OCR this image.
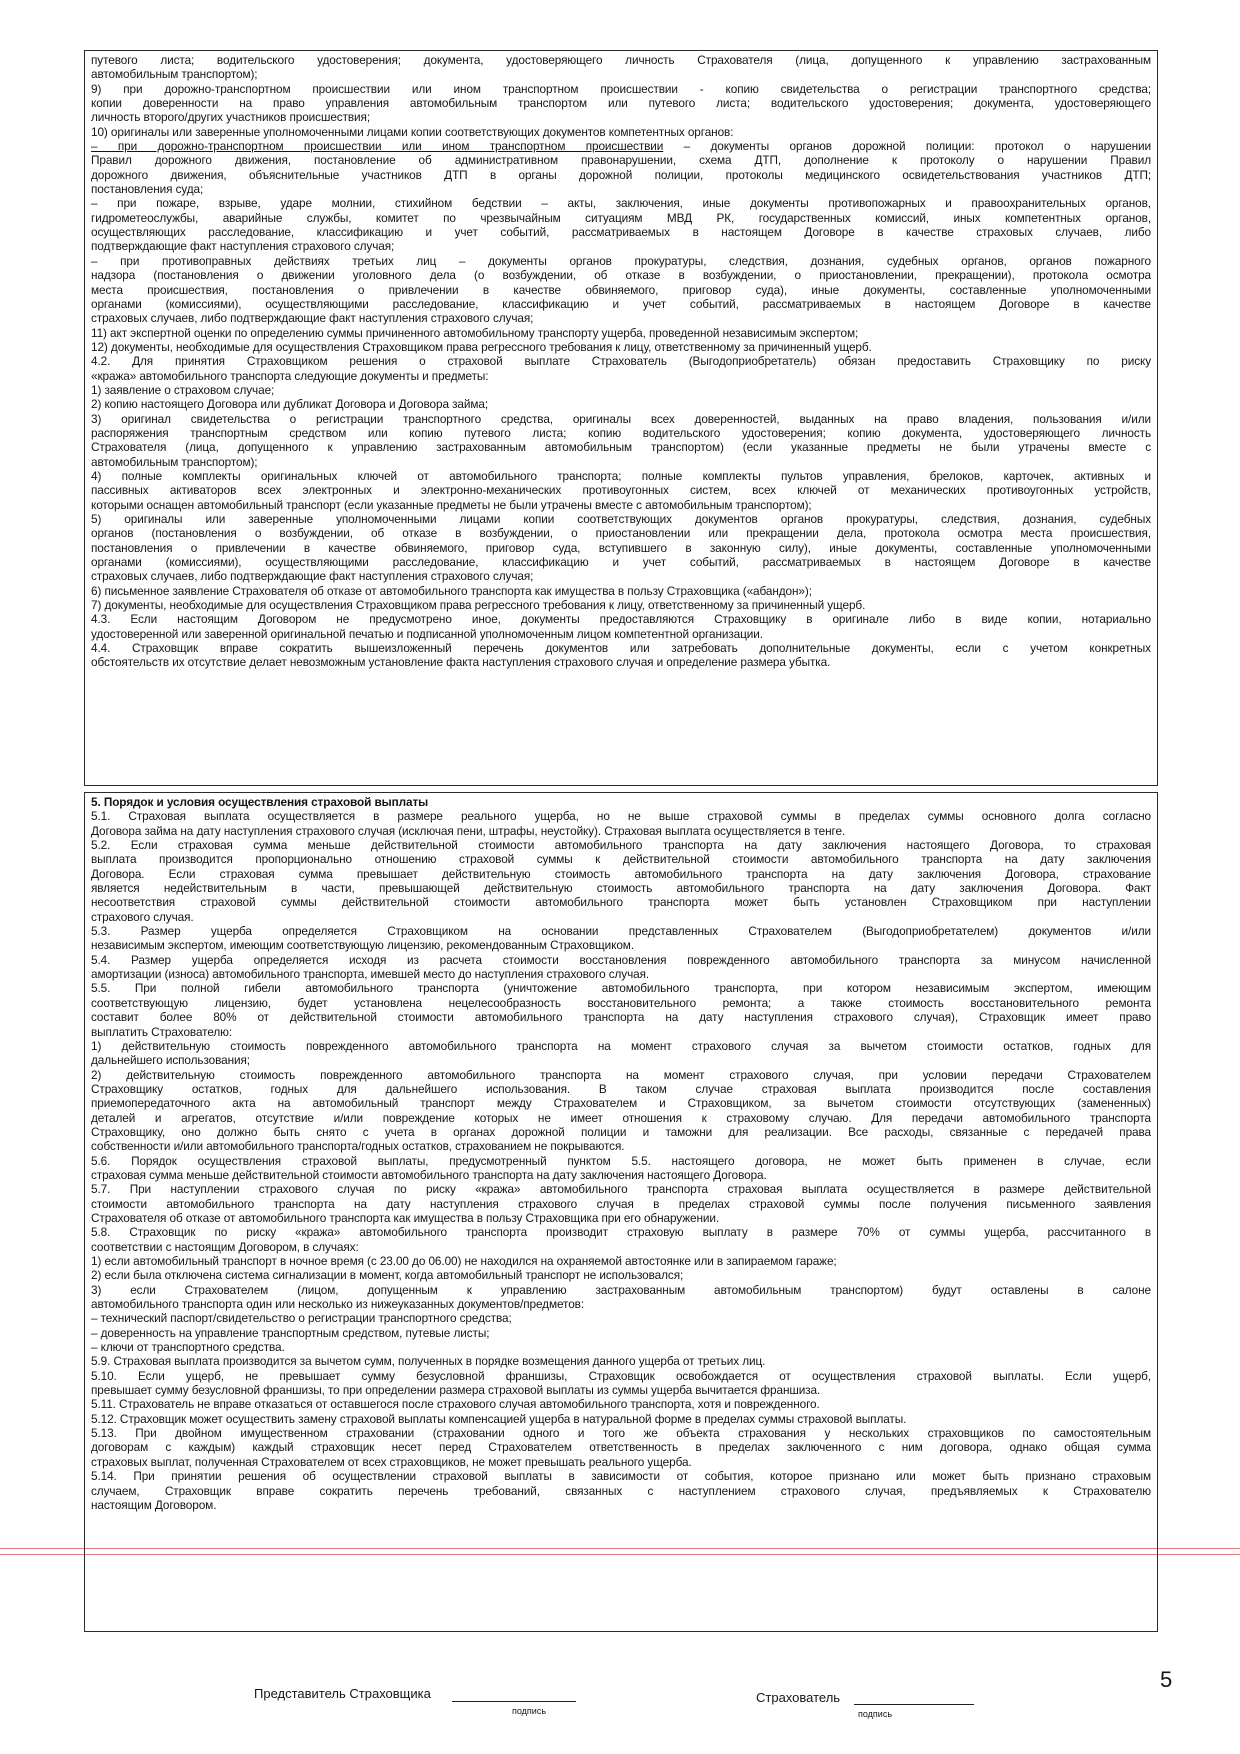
путевого листа; водительского удостоверения; документа, удостоверяющего личность Страхователя (лица, допущенного к управлению застрахованным
автомобильным транспортом);
9) при дорожно-транспортном происшествии или ином транспортном происшествии - копию свидетельства о регистрации транспортного средства;
копии доверенности на право управления автомобильным транспортом или путевого листа; водительского удостоверения; документа, удостоверяющего
личность второго/других участников происшествия;
10) оригиналы или заверенные уполномоченными лицами копии соответствующих документов компетентных органов:
– при дорожно-транспортном происшествии или ином транспортном происшествии – документы органов дорожной полиции: протокол о нарушении
Правил дорожного движения, постановление об административном правонарушении, схема ДТП, дополнение к протоколу о нарушении Правил
дорожного движения, объяснительные участников ДТП в органы дорожной полиции, протоколы медицинского освидетельствования участников ДТП;
постановления суда;
– при пожаре, взрыве, ударе молнии, стихийном бедствии – акты, заключения, иные документы противопожарных и правоохранительных органов,
гидрометеослужбы, аварийные службы, комитет по чрезвычайным ситуациям МВД РК, государственных комиссий, иных компетентных органов,
осуществляющих расследование, классификацию и учет событий, рассматриваемых в настоящем Договоре в качестве страховых случаев, либо
подтверждающие факт наступления страхового случая;
– при противоправных действиях третьих лиц – документы органов прокуратуры, следствия, дознания, судебных органов, органов пожарного
надзора (постановления о движении уголовного дела (о возбуждении, об отказе в возбуждении, о приостановлении, прекращении), протокола осмотра
места происшествия, постановления о привлечении в качестве обвиняемого, приговор суда), иные документы, составленные уполномоченными
органами (комиссиями), осуществляющими расследование, классификацию и учет событий, рассматриваемых в настоящем Договоре в качестве
страховых случаев, либо подтверждающие факт наступления страхового случая;
11) акт экспертной оценки по определению суммы причиненного автомобильному транспорту ущерба, проведенной независимым экспертом;
12) документы, необходимые для осуществления Страховщиком права регрессного требования к лицу, ответственному за причиненный ущерб.
4.2. Для принятия Страховщиком решения о страховой выплате Страхователь (Выгодоприобретатель) обязан предоставить Страховщику по риску
«кража» автомобильного транспорта следующие документы и предметы:
1) заявление о страховом случае;
2) копию настоящего Договора или дубликат Договора и Договора займа;
3) оригинал свидетельства о регистрации транспортного средства, оригиналы всех доверенностей, выданных на право владения, пользования и/или
распоряжения транспортным средством или копию путевого листа; копию водительского удостоверения; копию документа, удостоверяющего личность
Страхователя (лица, допущенного к управлению застрахованным автомобильным транспортом) (если указанные предметы не были утрачены вместе с
автомобильным транспортом);
4) полные комплекты оригинальных ключей от автомобильного транспорта; полные комплекты пультов управления, брелоков, карточек, активных и
пассивных активаторов всех электронных и электронно-механических противоугонных систем, всех ключей от механических противоугонных устройств,
которыми оснащен автомобильный транспорт (если указанные предметы не были утрачены вместе с автомобильным транспортом);
5) оригиналы или заверенные уполномоченными лицами копии соответствующих документов органов прокуратуры, следствия, дознания, судебных
органов (постановления о возбуждении, об отказе в возбуждении, о приостановлении или прекращении дела, протокола осмотра места происшествия,
постановления о привлечении в качестве обвиняемого, приговор суда, вступившего в законную силу), иные документы, составленные уполномоченными
органами (комиссиями), осуществляющими расследование, классификацию и учет событий, рассматриваемых в настоящем Договоре в качестве
страховых случаев, либо подтверждающие факт наступления страхового случая;
6) письменное заявление Страхователя об отказе от автомобильного транспорта как имущества в пользу Страховщика («абандон»);
7) документы, необходимые для осуществления Страховщиком права регрессного требования к лицу, ответственному за причиненный ущерб.
4.3. Если настоящим Договором не предусмотрено иное, документы предоставляются Страховщику в оригинале либо в виде копии, нотариально
удостоверенной или заверенной оригинальной печатью и подписанной уполномоченным лицом компетентной организации.
4.4. Страховщик вправе сократить вышеизложенный перечень документов или затребовать дополнительные документы, если с учетом конкретных
обстоятельств их отсутствие делает невозможным установление факта наступления страхового случая и определение размера убытка.
5. Порядок и условия осуществления страховой выплаты
5.1. Страховая выплата осуществляется в размере реального ущерба, но не выше страховой суммы в пределах суммы основного долга согласно
Договора займа на дату наступления страхового случая (исключая пени, штрафы, неустойку). Страховая выплата осуществляется в тенге.
5.2. Если страховая сумма меньше действительной стоимости автомобильного транспорта на дату заключения настоящего Договора, то страховая
выплата производится пропорционально отношению страховой суммы к действительной стоимости автомобильного транспорта на дату заключения
Договора. Если страховая сумма превышает действительную стоимость автомобильного транспорта на дату заключения Договора, страхование
является недействительным в части, превышающей действительную стоимость автомобильного транспорта на дату заключения Договора. Факт
несоответствия страховой суммы действительной стоимости автомобильного транспорта может быть установлен Страховщиком при наступлении
страхового случая.
5.3. Размер ущерба определяется Страховщиком на основании представленных Страхователем (Выгодоприобретателем) документов и/или
независимым экспертом, имеющим соответствующую лицензию, рекомендованным Страховщиком.
5.4. Размер ущерба определяется исходя из расчета стоимости восстановления поврежденного автомобильного транспорта за минусом начисленной
амортизации (износа) автомобильного транспорта, имевшей место до наступления страхового случая.
5.5. При полной гибели автомобильного транспорта (уничтожение автомобильного транспорта, при котором независимым экспертом, имеющим
соответствующую лицензию, будет установлена нецелесообразность восстановительного ремонта; а также стоимость восстановительного ремонта
составит более 80% от действительной стоимости автомобильного транспорта на дату наступления страхового случая), Страховщик имеет право
выплатить Страхователю:
1) действительную стоимость поврежденного автомобильного транспорта на момент страхового случая за вычетом стоимости остатков, годных для
дальнейшего использования;
2) действительную стоимость поврежденного автомобильного транспорта на момент страхового случая, при условии передачи Страхователем
Страховщику остатков, годных для дальнейшего использования. В таком случае страховая выплата производится после составления
приемопередаточного акта на автомобильный транспорт между Страхователем и Страховщиком, за вычетом стоимости отсутствующих (замененных)
деталей и агрегатов, отсутствие и/или повреждение которых не имеет отношения к страховому случаю. Для передачи автомобильного транспорта
Страховщику, оно должно быть снято с учета в органах дорожной полиции и таможни для реализации. Все расходы, связанные с передачей права
собственности и/или автомобильного транспорта/годных остатков, страхованием не покрываются.
5.6. Порядок осуществления страховой выплаты, предусмотренный пунктом 5.5. настоящего договора, не может быть применен в случае, если
страховая сумма меньше действительной стоимости автомобильного транспорта на дату заключения настоящего Договора.
5.7. При наступлении страхового случая по риску «кража» автомобильного транспорта страховая выплата осуществляется в размере действительной
стоимости автомобильного транспорта на дату наступления страхового случая в пределах страховой суммы после получения письменного заявления
Страхователя об отказе от автомобильного транспорта как имущества в пользу Страховщика при его обнаружении.
5.8. Страховщик по риску «кража» автомобильного транспорта производит страховую выплату в размере 70% от суммы ущерба, рассчитанного в
соответствии с настоящим Договором, в случаях:
1) если автомобильный транспорт в ночное время (с 23.00 до 06.00) не находился на охраняемой автостоянке или в запираемом гараже;
2) если была отключена система сигнализации в момент, когда автомобильный транспорт не использовался;
3) если Страхователем (лицом, допущенным к управлению застрахованным автомобильным транспортом) будут оставлены в салоне
автомобильного транспорта один или несколько из нижеуказанных документов/предметов:
– технический паспорт/свидетельство о регистрации транспортного средства;
– доверенность на управление транспортным средством, путевые листы;
– ключи от транспортного средства.
5.9. Страховая выплата производится за вычетом сумм, полученных в порядке возмещения данного ущерба от третьих лиц.
5.10. Если ущерб, не превышает сумму безусловной франшизы, Страховщик освобождается от осуществления страховой выплаты. Если ущерб,
превышает сумму безусловной франшизы, то при определении размера страховой выплаты из суммы ущерба вычитается франшиза.
5.11. Страхователь не вправе отказаться от оставшегося после страхового случая автомобильного транспорта, хотя и поврежденного.
5.12. Страховщик может осуществить замену страховой выплаты компенсацией ущерба в натуральной форме в пределах суммы страховой выплаты.
5.13. При двойном имущественном страховании (страховании одного и того же объекта страхования у нескольких страховщиков по самостоятельным
договорам с каждым) каждый страховщик несет перед Страхователем ответственность в пределах заключенного с ним договора, однако общая сумма
страховых выплат, полученная Страхователем от всех страховщиков, не может превышать реального ущерба.
5.14. При принятии решения об осуществлении страховой выплаты в зависимости от события, которое признано или может быть признано страховым
случаем, Страховщик вправе сократить перечень требований, связанных с наступлением страхового случая, предъявляемых к Страхователю
настоящим Договором.
5
Представитель Страховщика
подпись
Страхователь
подпись
